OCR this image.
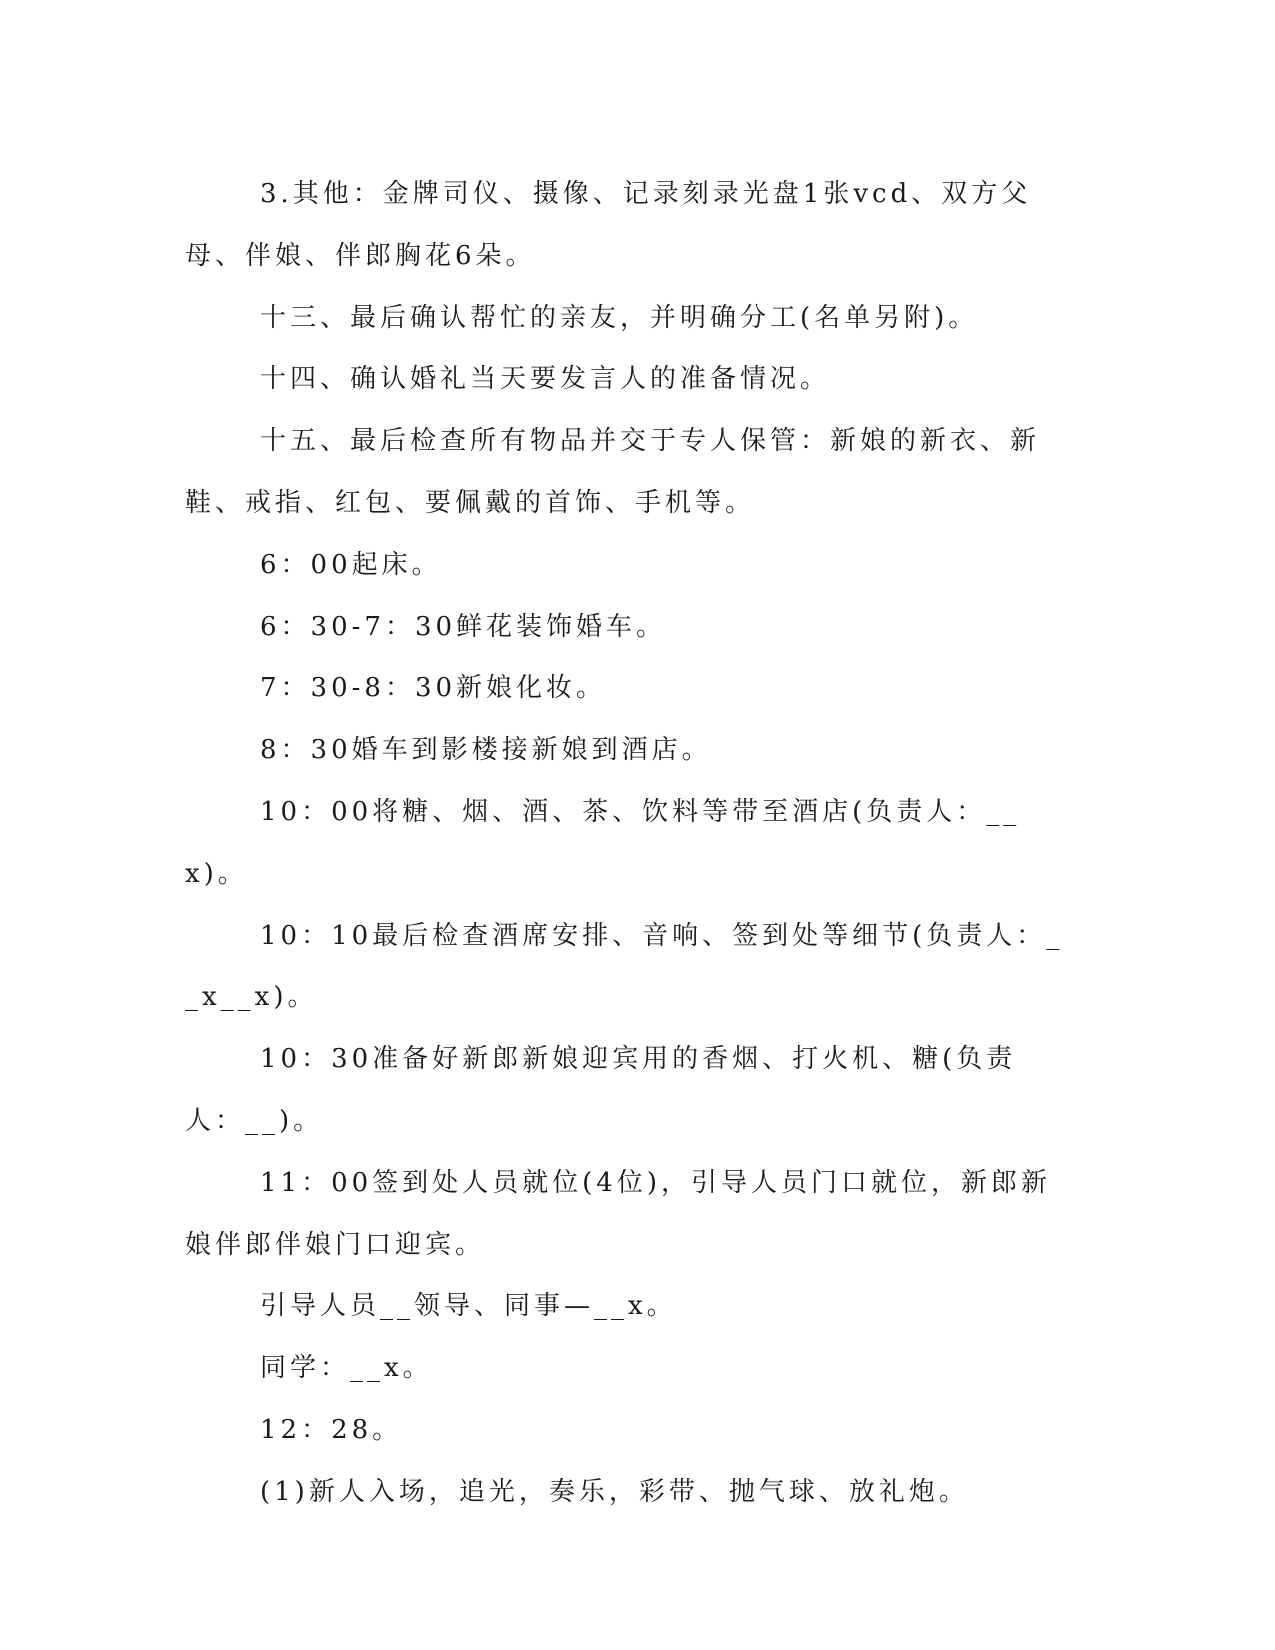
3.其他：金牌司仪、摄像、记录刻录光盘1张vcd、双方父母、伴娘、伴郎胸花6朵。

十三、最后确认帮忙的亲友，并明确分工(名单另附)。

十四、确认婚礼当天要发言人的准备情况。

十五、最后检查所有物品并交于专人保管：新娘的新衣、新鞋、戒指、红包、要佩戴的首饰、手机等。

6：00起床。

6：30-7：30鲜花装饰婚车。

7：30-8：30新娘化妆。

8：30婚车到影楼接新娘到酒店。

10：00将糖、烟、酒、茶、饮料等带至酒店(负责人：__x)。

10：10最后检查酒席安排、音响、签到处等细节(负责人：__x__x)。

10：30准备好新郎新娘迎宾用的香烟、打火机、糖(负责人：__)。

11：00签到处人员就位(4位)，引导人员门口就位，新郎新娘伴郎伴娘门口迎宾。

引导人员__领导、同事—__x。

同学：__x。

12：28。

(1)新人入场，追光，奏乐，彩带、抛气球、放礼炮。
